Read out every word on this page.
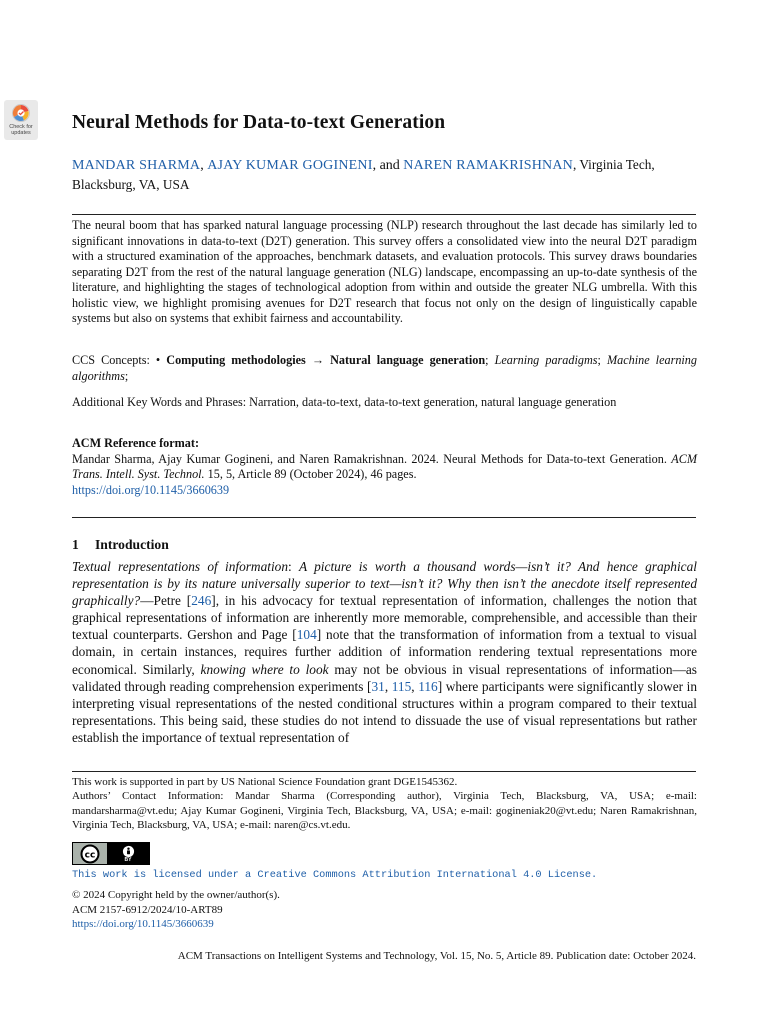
Check for
updates Neural Methods for Data-to-text Generation
MANDAR SHARMA, AJAY KUMAR GOGINENI, and NAREN RAMAKRISHNAN, Virginia Tech, Blacksburg, VA, USA

The neural boom that has sparked natural language processing (NLP) research throughout the last decade has similarly led to significant innovations in data-to-text (D2T) generation. This survey offers a consolidated view into the neural D2T paradigm with a structured examination of the approaches, benchmark datasets, and evaluation protocols. This survey draws boundaries separating D2T from the rest of the natural language generation (NLG) landscape, encompassing an up-to-date synthesis of the literature, and highlighting the stages of technological adoption from within and outside the greater NLG umbrella. With this holistic view, we highlight promising avenues for D2T research that focus not only on the design of linguistically capable systems but also on systems that exhibit fairness and accountability.

CCS Concepts: • Computing methodologies → Natural language generation; Learning paradigms; Machine learning algorithms;

Additional Key Words and Phrases: Narration, data-to-text, data-to-text generation, natural language generation

ACM Reference format:
Mandar Sharma, Ajay Kumar Gogineni, and Naren Ramakrishnan. 2024. Neural Methods for Data-to-text Generation. ACM Trans. Intell. Syst. Technol. 15, 5, Article 89 (October 2024), 46 pages.
https://doi.org/10.1145/3660639

1 Introduction

Textual representations of information: A picture is worth a thousand words—isn’t it? And hence graphical representation is by its nature universally superior to text—isn’t it? Why then isn’t the anecdote itself represented graphically?—Petre [246], in his advocacy for textual representation of information, challenges the notion that graphical representations of information are inherently more memorable, comprehensible, and accessible than their textual counterparts. Gershon and Page [104] note that the transformation of information from a textual to visual domain, in certain instances, requires further addition of information rendering textual representations more economical. Similarly, knowing where to look may not be obvious in visual representations of information—as validated through reading comprehension experiments [31, 115, 116] where participants were significantly slower in interpreting visual representations of the nested conditional structures within a program compared to their textual representations. This being said, these studies do not intend to dissuade the use of visual representations but rather establish the importance of textual representation of

This work is supported in part by US National Science Foundation grant DGE1545362.

Authors’ Contact Information: Mandar Sharma (Corresponding author), Virginia Tech, Blacksburg, VA, USA; e-mail: mandarsharma@vt.edu; Ajay Kumar Gogineni, Virginia Tech, Blacksburg, VA, USA; e-mail: gogineniak20@vt.edu; Naren Ramakrishnan, Virginia Tech, Blacksburg, VA, USA; e-mail: naren@cs.vt.edu.

cc	BY

This work is licensed under a Creative Commons Attribution International 4.0 License.

© 2024 Copyright held by the owner/author(s).

ACM 2157-6912/2024/10-ART89

https://doi.org/10.1145/3660639

ACM Transactions on Intelligent Systems and Technology, Vol. 15, No. 5, Article 89. Publication date: October 2024.
